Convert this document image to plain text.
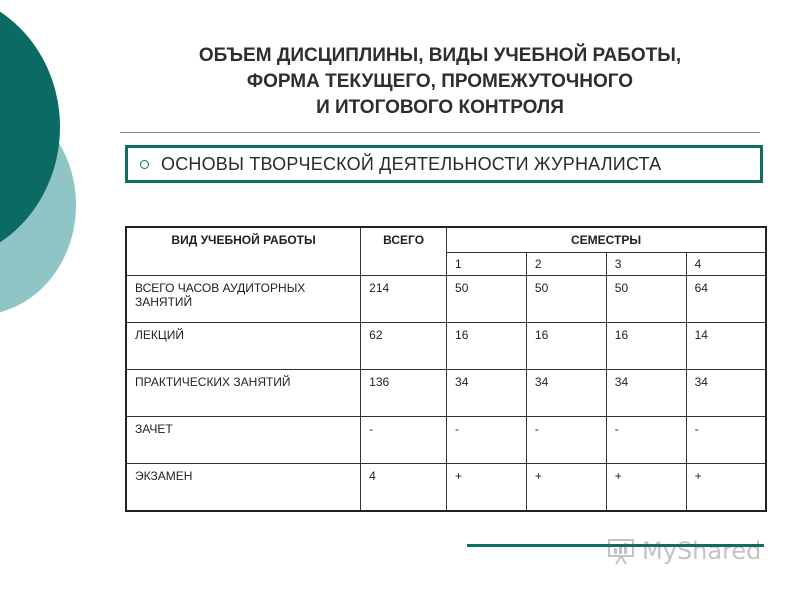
ОБЪЕМ ДИСЦИПЛИНЫ, ВИДЫ УЧЕБНОЙ РАБОТЫ,
ФОРМА ТЕКУЩЕГО, ПРОМЕЖУТОЧНОГО
И ИТОГОВОГО КОНТРОЛЯ
ОСНОВЫ ТВОРЧЕСКОЙ ДЕЯТЕЛЬНОСТИ ЖУРНАЛИСТА
ВИД УЧЕБНОЙ РАБОТЫ	ВСЕГО	СЕМЕСТРЫ			
		1	2	3	4
ВСЕГО ЧАСОВ АУДИТОРНЫХ ЗАНЯТИЙ	214	50	50	50	64
ЛЕКЦИЙ	62	16	16	16	14
ПРАКТИЧЕСКИХ ЗАНЯТИЙ	136	34	34	34	34
ЗАЧЕТ	-	-	-	-	-
ЭКЗАМЕН	4	+	+	+	+
MyShared
